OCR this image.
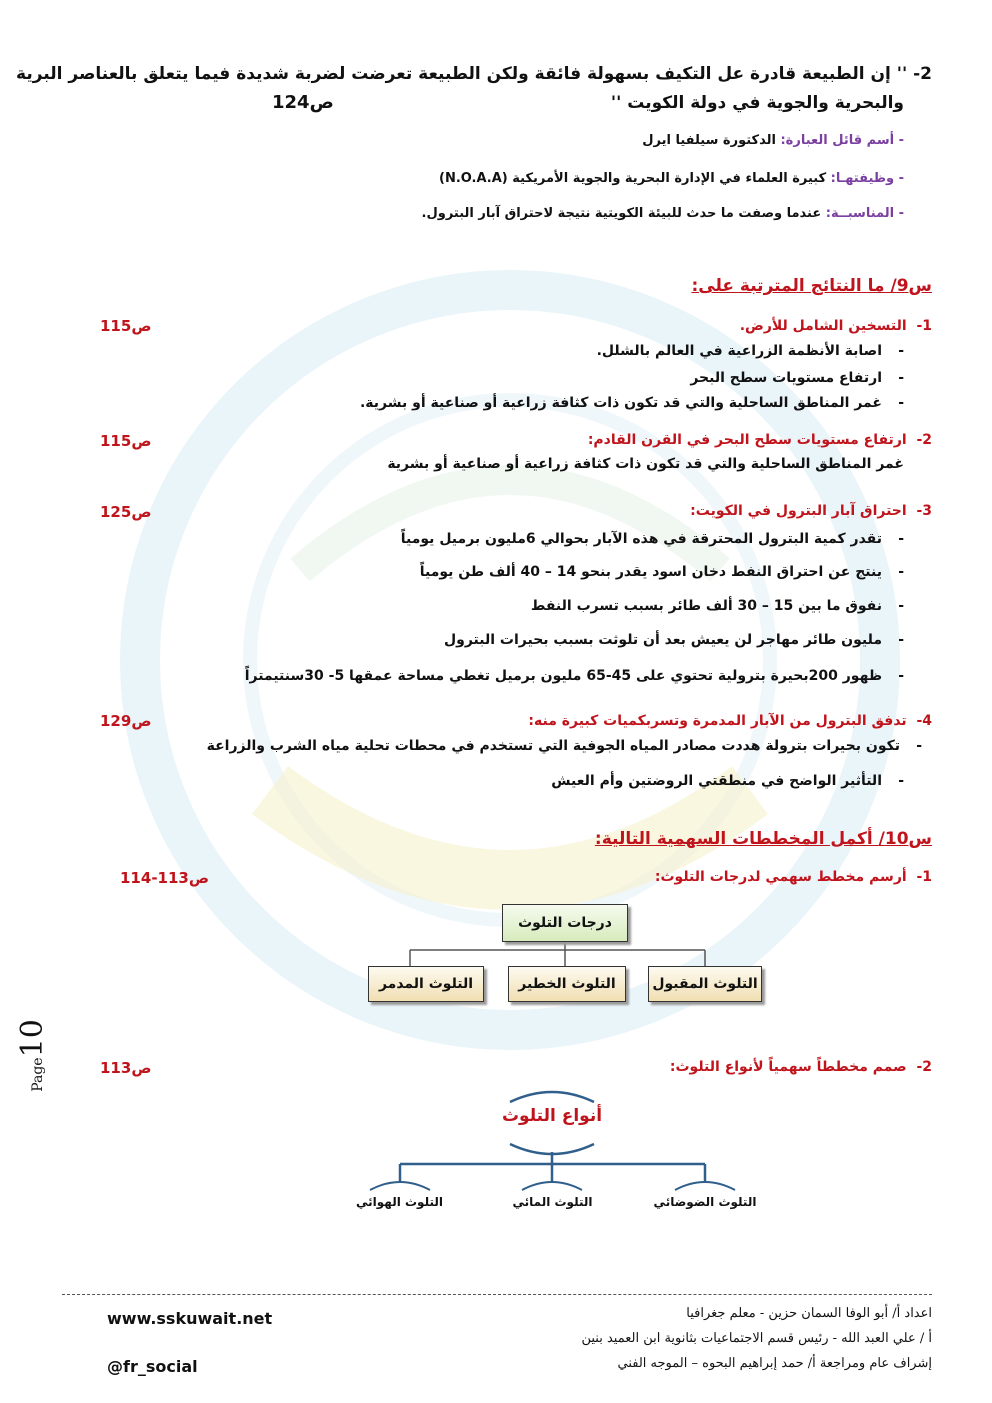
2- '' إن الطبيعة قادرة عل التكيف بسهولة فائقة ولكن الطبيعة تعرضت لضربة شديدة فيما يتعلق بالعناصر البرية
والبحرية والجوية في دولة الكويت ''
ص124
- أسم قائل العبارة: الدكتورة سيلفيا ايرل
- وظيفتهـا: كبيرة العلماء في الإدارة البحرية والجوية الأمريكية (N.O.A.A)
- المناسبــة: عندما وصفت ما حدث للبيئة الكويتية نتيجة لاحتراق آبار البترول.
س9/ ما النتائج المترتبة على:
1-  التسخين الشامل للأرض.
ص115
-اصابة الأنظمة الزراعية في العالم بالشلل.
-ارتفاع مستويات سطح البحر
-غمر المناطق الساحلية والتي قد تكون ذات كثافة زراعية أو صناعية أو بشرية.
2-  ارتفاع مستويات سطح البحر في القرن القادم:
ص115
غمر المناطق الساحلية والتي قد تكون ذات كثافة زراعية أو صناعية أو بشرية
3-  احتراق آبار البترول في الكويت:
ص125
-تقدر كمية البترول المحترقة في هذه الآبار بحوالي 6مليون برميل يومياً
-ينتج عن احتراق النفط دخان اسود يقدر بنحو 14 – 40 ألف طن يومياً
-نفوق ما بين 15 – 30 ألف طائر بسبب تسرب النفط
-مليون طائر مهاجر لن يعيش بعد أن تلوثت بسبب بحيرات البترول
-ظهور 200بحيرة بترولية تحتوي على 45-65 مليون برميل تغطي مساحة عمقها 5- 30سنتيمتراً
4-  تدفق البترول من الآبار المدمرة وتسربكميات كبيرة منه:
ص129
-تكون بحيرات بترولة هددت مصادر المياه الجوفية التي تستخدم في محطات تحلية مياه الشرب والزراعة
-التأثير الواضح في منطقتي الروضتين وأم العيش
س10/ أكمل المخططات السهمية التالية:
1-  أرسم مخطط سهمي لدرجات التلوث:
ص113-114
درجات التلوث
التلوث المقبول
التلوث الخطير
التلوث المدمر
Page10
2-  صمم مخططاً سهمياً لأنواع التلوث:
ص113
أنواع التلوث
التلوث الضوضائي
التلوث المائي
التلوث الهوائي
اعداد أ/ أبو الوفا السمان حزين - معلم جغرافيا
أ / علي العبد الله - رئيس قسم الاجتماعيات بثانوية ابن العميد بنين
إشراف عام ومراجعة أ/ حمد إبراهيم البحوه – الموجه الفني
www.sskuwait.net
@fr_social
